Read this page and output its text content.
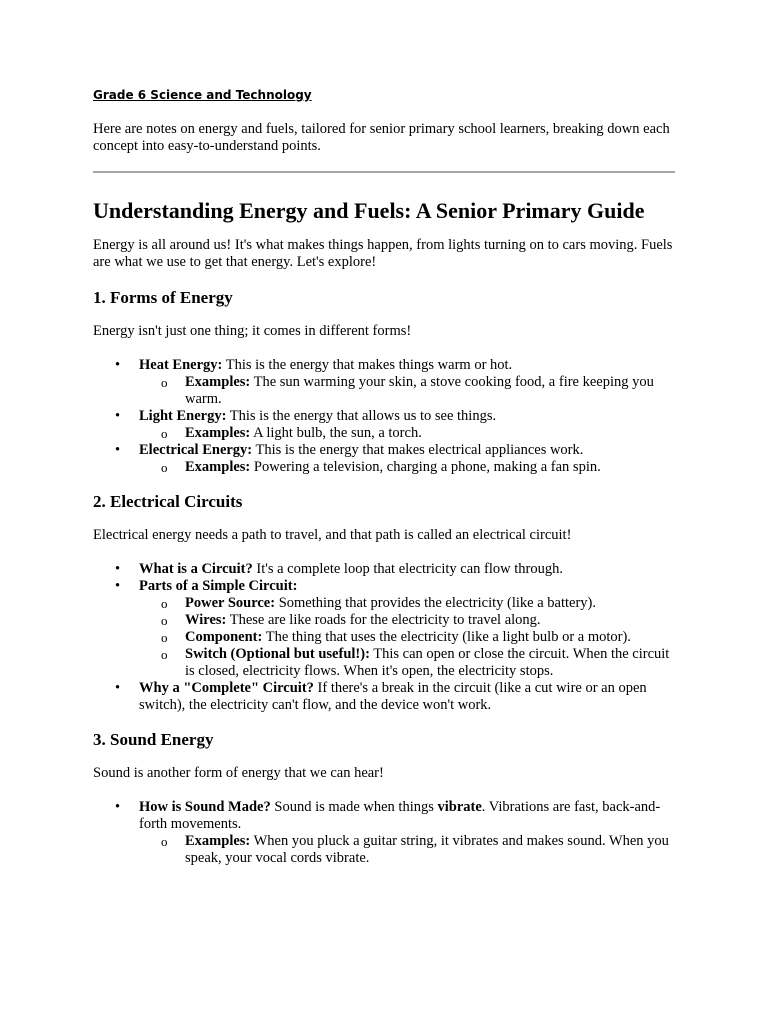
Grade 6 Science and Technology

Here are notes on energy and fuels, tailored for senior primary school learners, breaking down each concept into easy-to-understand points.

Understanding Energy and Fuels: A Senior Primary Guide

Energy is all around us! It's what makes things happen, from lights turning on to cars moving. Fuels are what we use to get that energy. Let's explore!

1. Forms of Energy

Energy isn't just one thing; it comes in different forms!

• Heat Energy: This is the energy that makes things warm or hot.
o Examples: The sun warming your skin, a stove cooking food, a fire keeping you warm.
• Light Energy: This is the energy that allows us to see things.
o Examples: A light bulb, the sun, a torch.
• Electrical Energy: This is the energy that makes electrical appliances work.
o Examples: Powering a television, charging a phone, making a fan spin.
2. Electrical Circuits

Electrical energy needs a path to travel, and that path is called an electrical circuit!

• What is a Circuit? It's a complete loop that electricity can flow through.
• Parts of a Simple Circuit:
o Power Source: Something that provides the electricity (like a battery).
o Wires: These are like roads for the electricity to travel along.
o Component: The thing that uses the electricity (like a light bulb or a motor).
o Switch (Optional but useful!): This can open or close the circuit. When the circuit is closed, electricity flows. When it's open, the electricity stops.
• Why a "Complete" Circuit? If there's a break in the circuit (like a cut wire or an open switch), the electricity can't flow, and the device won't work.
3. Sound Energy

Sound is another form of energy that we can hear!

• How is Sound Made? Sound is made when things vibrate. Vibrations are fast, back-and-forth movements.
o Examples: When you pluck a guitar string, it vibrates and makes sound. When you speak, your vocal cords vibrate.
